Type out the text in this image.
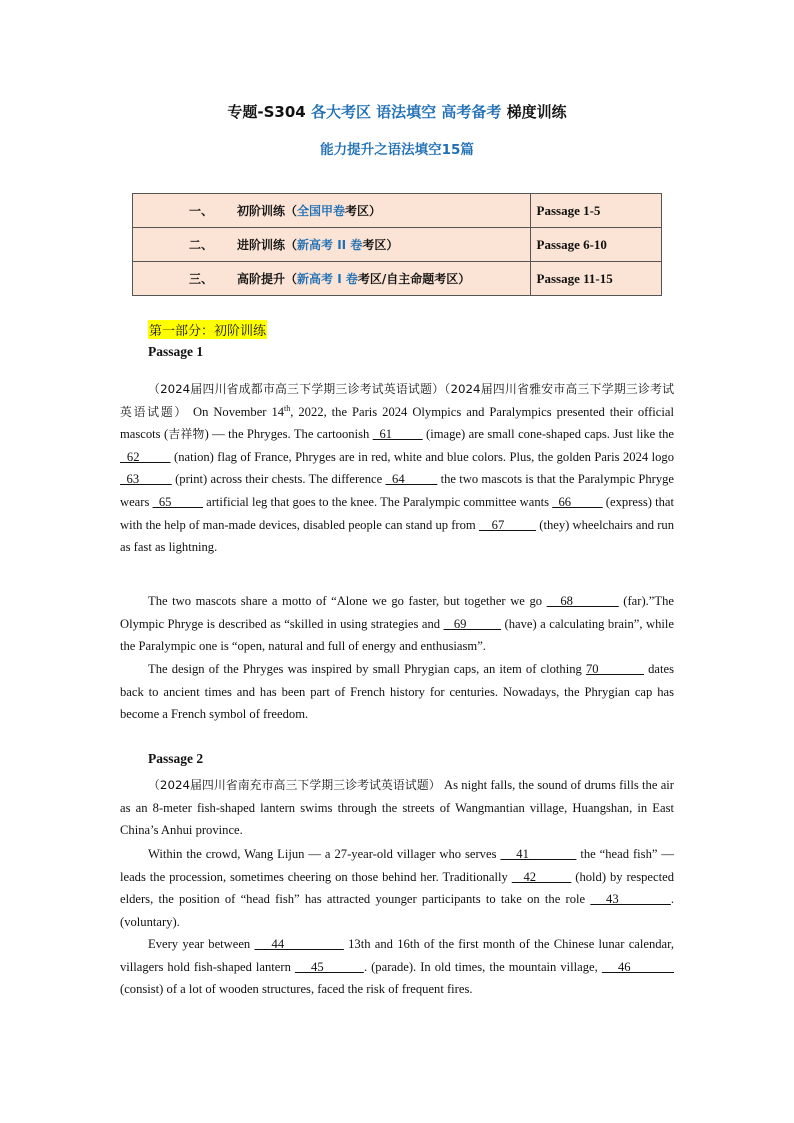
专题-S304 各大考区 语法填空 高考备考 梯度训练
能力提升之语法填空15篇
一、 初阶训练（全国甲卷考区）	Passage 1-5
二、 进阶训练（新高考 II 卷考区）	Passage 6-10
三、 高阶提升（新高考 I 卷考区/自主命题考区）	Passage 11-15
第一部分：初阶训练
Passage 1

（2024届四川省成都市高三下学期三诊考试英语试题）（2024届四川省雅安市高三下学期三诊考试英语试题） On November 14th, 2022, the Paris 2024 Olympics and Paralympics presented their official mascots (吉祥物) — the Phryges. The cartoonish   61          (image) are small cone-shaped caps. Just like the   62          (nation) flag of France, Phryges are in red, white and blue colors. Plus, the golden Paris 2024 logo   63           (print) across their chests. The difference   64           the two mascots is that the Paralympic Phryge wears   65           artificial leg that goes to the knee. The Paralympic committee wants   66           (express) that with the help of man-made devices, disabled people can stand up from     67           (they) wheelchairs and run as fast as lightning.

The two mascots share a motto of “Alone we go faster, but together we go    68           (far).”The Olympic Phryge is described as “skilled in using strategies and    69           (have) a calculating brain”, while the Paralympic one is “open, natural and full of energy and enthusiasm”.

The design of the Phryges was inspired by small Phrygian caps, an item of clothing 70            dates back to ancient times and has been part of French history for centuries. Nowadays, the Phrygian cap has become a French symbol of freedom.

Passage 2

（2024届四川省南充市高三下学期三诊考试英语试题） As night falls, the sound of drums fills the air as an 8-meter fish-shaped lantern swims through the streets of Wangmantian village, Huangshan, in East China’s Anhui province.

Within the crowd, Wang Lijun — a 27-year-old villager who serves     41             the “head fish” — leads the procession, sometimes cheering on those behind her. Traditionally    42          (hold) by respected elders, the position of “head fish” has attracted younger participants to take on the role    43          . (voluntary).

Every year between     44               13th and 16th of the first month of the Chinese lunar calendar, villagers hold fish-shaped lantern     45          . (parade). In old times, the mountain village,     46            (consist) of a lot of wooden structures, faced the risk of frequent fires.
